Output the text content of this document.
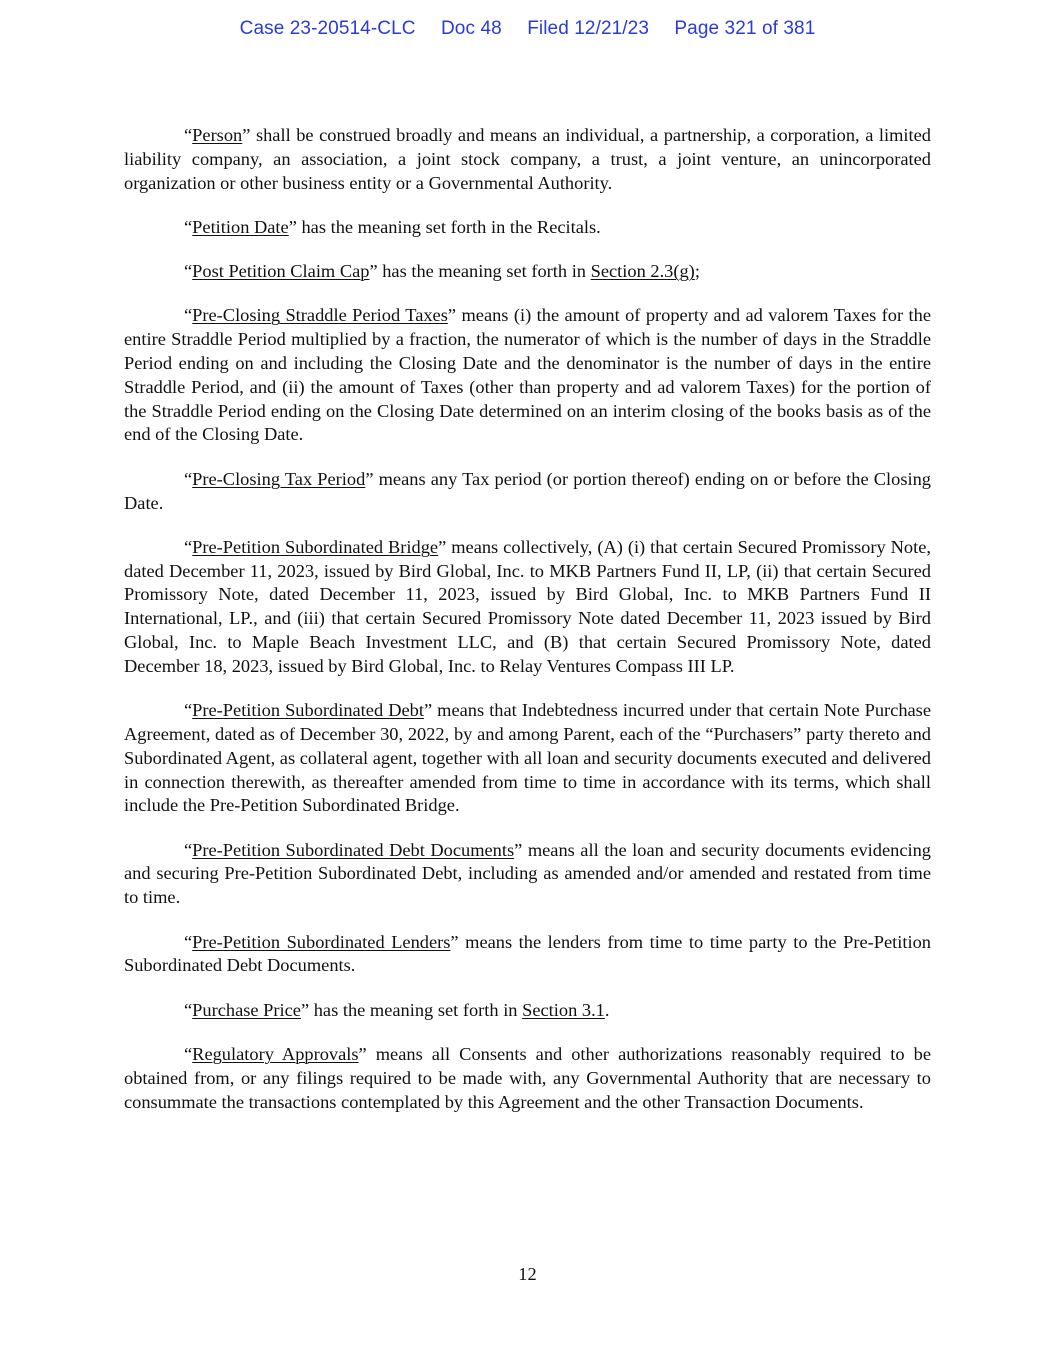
Case 23-20514-CLC Doc 48 Filed 12/21/23 Page 321 of 381

“Person” shall be construed broadly and means an individual, a partnership, a corporation, a limited liability company, an association, a joint stock company, a trust, a joint venture, an unincorporated organization or other business entity or a Governmental Authority.

“Petition Date” has the meaning set forth in the Recitals.

“Post Petition Claim Cap” has the meaning set forth in Section 2.3(g);

“Pre-Closing Straddle Period Taxes” means (i) the amount of property and ad valorem Taxes for the entire Straddle Period multiplied by a fraction, the numerator of which is the number of days in the Straddle Period ending on and including the Closing Date and the denominator is the number of days in the entire Straddle Period, and (ii) the amount of Taxes (other than property and ad valorem Taxes) for the portion of the Straddle Period ending on the Closing Date determined on an interim closing of the books basis as of the end of the Closing Date.

“Pre-Closing Tax Period” means any Tax period (or portion thereof) ending on or before the Closing Date.

“Pre-Petition Subordinated Bridge” means collectively, (A) (i) that certain Secured Promissory Note, dated December 11, 2023, issued by Bird Global, Inc. to MKB Partners Fund II, LP, (ii) that certain Secured Promissory Note, dated December 11, 2023, issued by Bird Global, Inc. to MKB Partners Fund II International, LP., and (iii) that certain Secured Promissory Note dated December 11, 2023 issued by Bird Global, Inc. to Maple Beach Investment LLC, and (B) that certain Secured Promissory Note, dated December 18, 2023, issued by Bird Global, Inc. to Relay Ventures Compass III LP.

“Pre-Petition Subordinated Debt” means that Indebtedness incurred under that certain Note Purchase Agreement, dated as of December 30, 2022, by and among Parent, each of the “Purchasers” party thereto and Subordinated Agent, as collateral agent, together with all loan and security documents executed and delivered in connection therewith, as thereafter amended from time to time in accordance with its terms, which shall include the Pre-Petition Subordinated Bridge.

“Pre-Petition Subordinated Debt Documents” means all the loan and security documents evidencing and securing Pre-Petition Subordinated Debt, including as amended and/or amended and restated from time to time.

“Pre-Petition Subordinated Lenders” means the lenders from time to time party to the Pre-Petition Subordinated Debt Documents.

“Purchase Price” has the meaning set forth in Section 3.1.

“Regulatory Approvals” means all Consents and other authorizations reasonably required to be obtained from, or any filings required to be made with, any Governmental Authority that are necessary to consummate the transactions contemplated by this Agreement and the other Transaction Documents.

12
